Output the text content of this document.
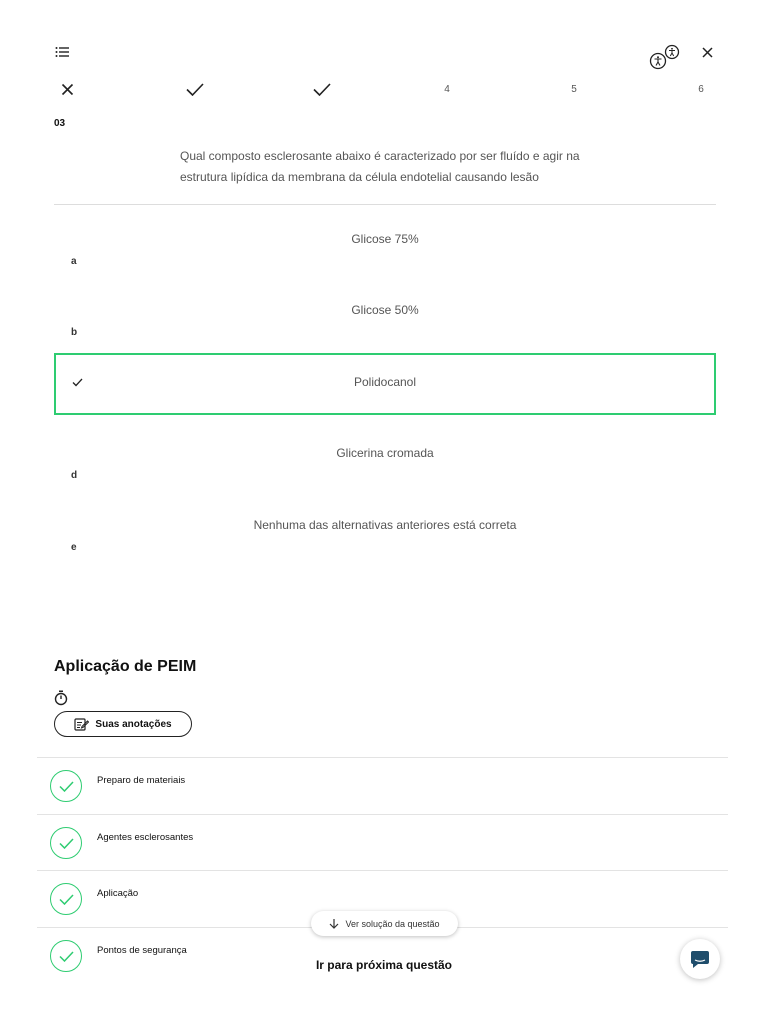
4	5	6
03
Qual composto esclerosante abaixo é caracterizado por ser fluído e agir na estrutura lipídica da membrana da célula endotelial causando lesão
Glicose 75%
a
Glicose 50%
b
Polidocanol
Glicerina cromada
d
Nenhuma das alternativas anteriores está correta
e
Aplicação de PEIM
Suas anotações
Preparo de materiais
Agentes esclerosantes
Aplicação
Pontos de segurança
Ver solução da questão
Ir para próxima questão
